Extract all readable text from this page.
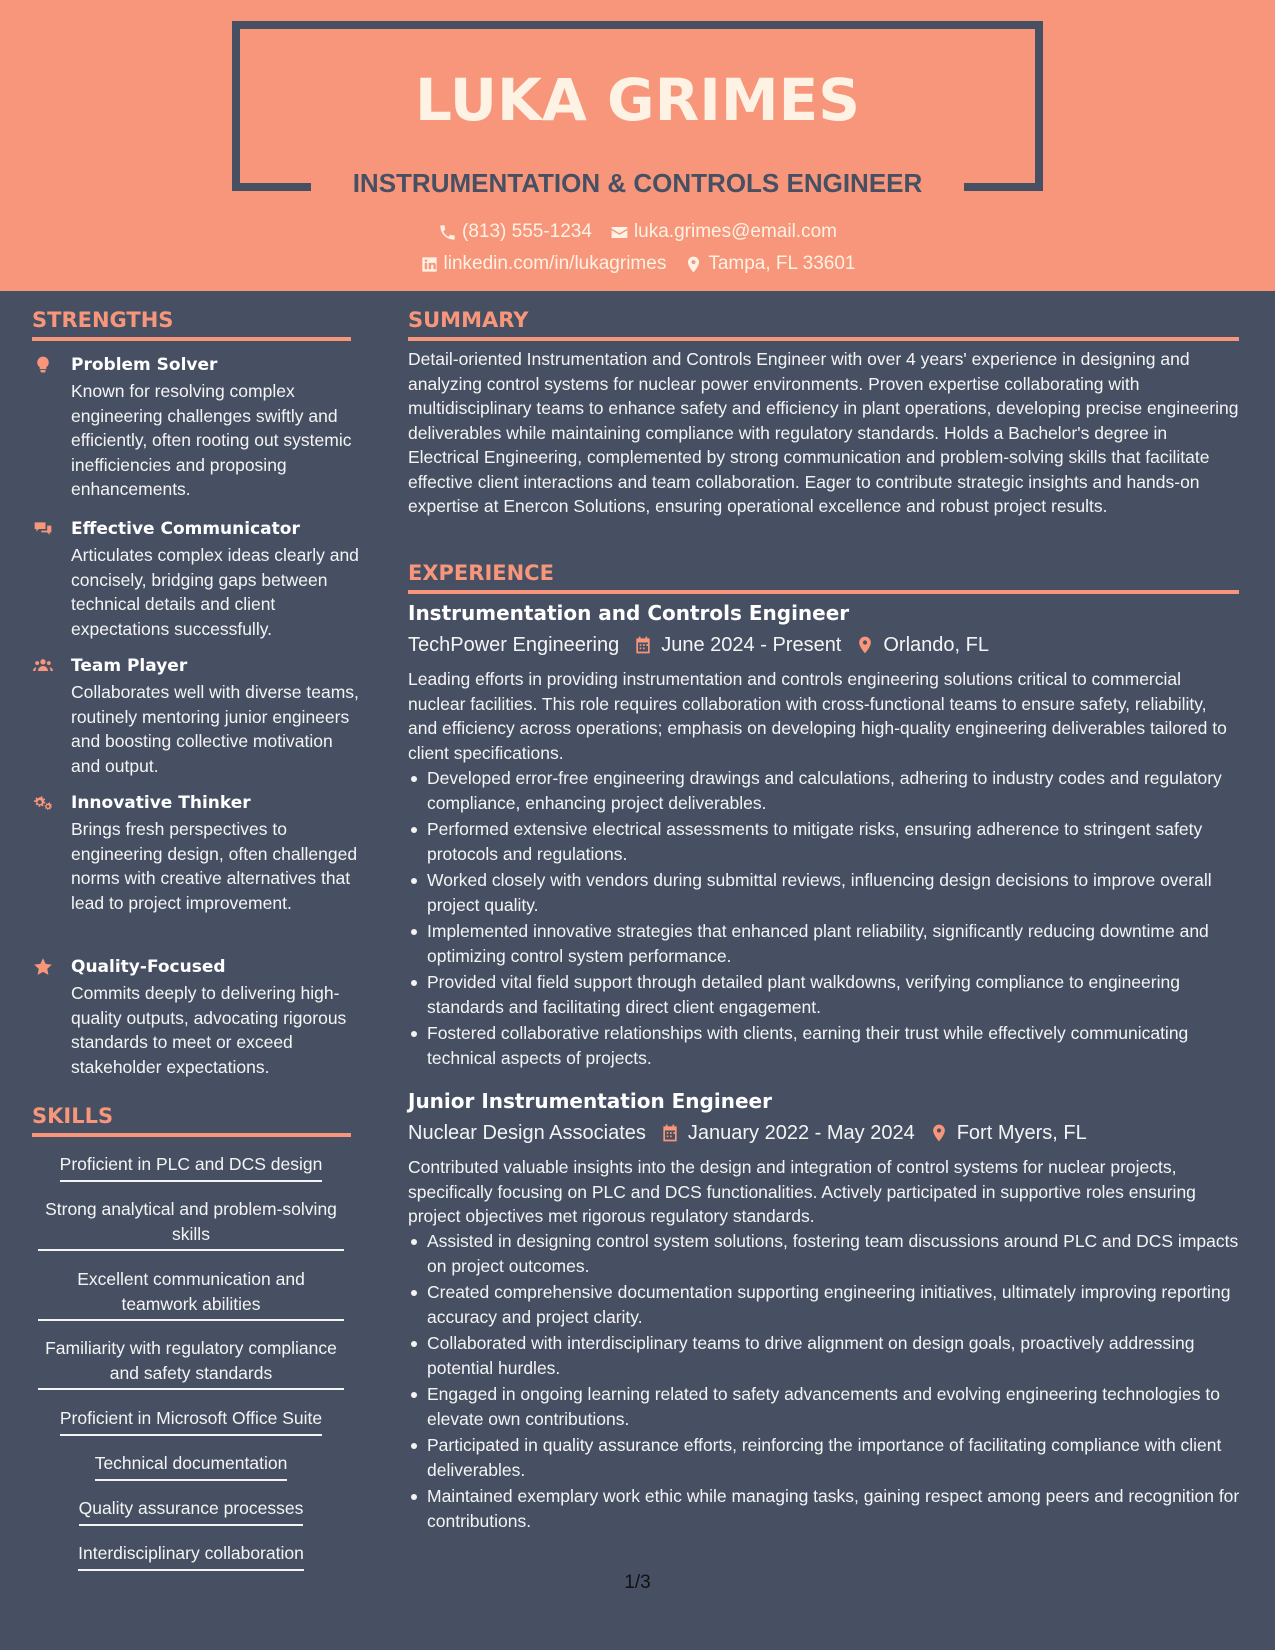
LUKA GRIMES
INSTRUMENTATION & CONTROLS ENGINEER
(813) 555-1234 luka.grimes@email.com
linkedin.com/in/lukagrimes Tampa, FL 33601
STRENGTHS
Problem Solver
Known for resolving complex engineering challenges swiftly and efficiently, often rooting out systemic inefficiencies and proposing enhancements.
Effective Communicator
Articulates complex ideas clearly and concisely, bridging gaps between technical details and client expectations successfully.
Team Player
Collaborates well with diverse teams, routinely mentoring junior engineers and boosting collective motivation and output.
Innovative Thinker
Brings fresh perspectives to engineering design, often challenged norms with creative alternatives that lead to project improvement.
Quality-Focused
Commits deeply to delivering high-quality outputs, advocating rigorous standards to meet or exceed stakeholder expectations.
SKILLS
Proficient in PLC and DCS design
Strong analytical and problem-solving skills
Excellent communication and teamwork abilities
Familiarity with regulatory compliance and safety standards
Proficient in Microsoft Office Suite
Technical documentation
Quality assurance processes
Interdisciplinary collaboration
SUMMARY
Detail-oriented Instrumentation and Controls Engineer with over 4 years' experience in designing and analyzing control systems for nuclear power environments. Proven expertise collaborating with multidisciplinary teams to enhance safety and efficiency in plant operations, developing precise engineering deliverables while maintaining compliance with regulatory standards. Holds a Bachelor's degree in Electrical Engineering, complemented by strong communication and problem-solving skills that facilitate effective client interactions and team collaboration. Eager to contribute strategic insights and hands-on expertise at Enercon Solutions, ensuring operational excellence and robust project results.
EXPERIENCE
Instrumentation and Controls Engineer
TechPower Engineering June 2024 - Present Orlando, FL
Leading efforts in providing instrumentation and controls engineering solutions critical to commercial nuclear facilities. This role requires collaboration with cross-functional teams to ensure safety, reliability, and efficiency across operations; emphasis on developing high-quality engineering deliverables tailored to client specifications.
Developed error-free engineering drawings and calculations, adhering to industry codes and regulatory compliance, enhancing project deliverables.
Performed extensive electrical assessments to mitigate risks, ensuring adherence to stringent safety protocols and regulations.
Worked closely with vendors during submittal reviews, influencing design decisions to improve overall project quality.
Implemented innovative strategies that enhanced plant reliability, significantly reducing downtime and optimizing control system performance.
Provided vital field support through detailed plant walkdowns, verifying compliance to engineering standards and facilitating direct client engagement.
Fostered collaborative relationships with clients, earning their trust while effectively communicating technical aspects of projects.
Junior Instrumentation Engineer
Nuclear Design Associates January 2022 - May 2024 Fort Myers, FL
Contributed valuable insights into the design and integration of control systems for nuclear projects, specifically focusing on PLC and DCS functionalities. Actively participated in supportive roles ensuring project objectives met rigorous regulatory standards.
Assisted in designing control system solutions, fostering team discussions around PLC and DCS impacts on project outcomes.
Created comprehensive documentation supporting engineering initiatives, ultimately improving reporting accuracy and project clarity.
Collaborated with interdisciplinary teams to drive alignment on design goals, proactively addressing potential hurdles.
Engaged in ongoing learning related to safety advancements and evolving engineering technologies to elevate own contributions.
Participated in quality assurance efforts, reinforcing the importance of facilitating compliance with client deliverables.
Maintained exemplary work ethic while managing tasks, gaining respect among peers and recognition for contributions.
1/3
